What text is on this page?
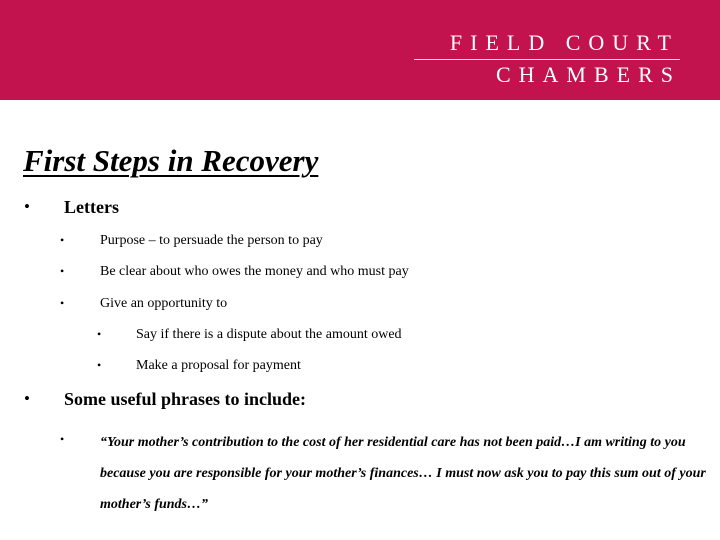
FIELD COURT
CHAMBERS
First Steps in Recovery
• Letters
•	Purpose – to persuade the person to pay
•	Be clear about who owes the money and who must pay
•	Give an opportunity to
• Say if there is a dispute about the amount owed
• Make a proposal for payment
• Some useful phrases to include:
•	“Your mother’s contribution to the cost of her residential care has not been paid…I am writing to you because you are responsible for your mother’s finances… I must now ask you to pay this sum out of your mother’s funds…”
